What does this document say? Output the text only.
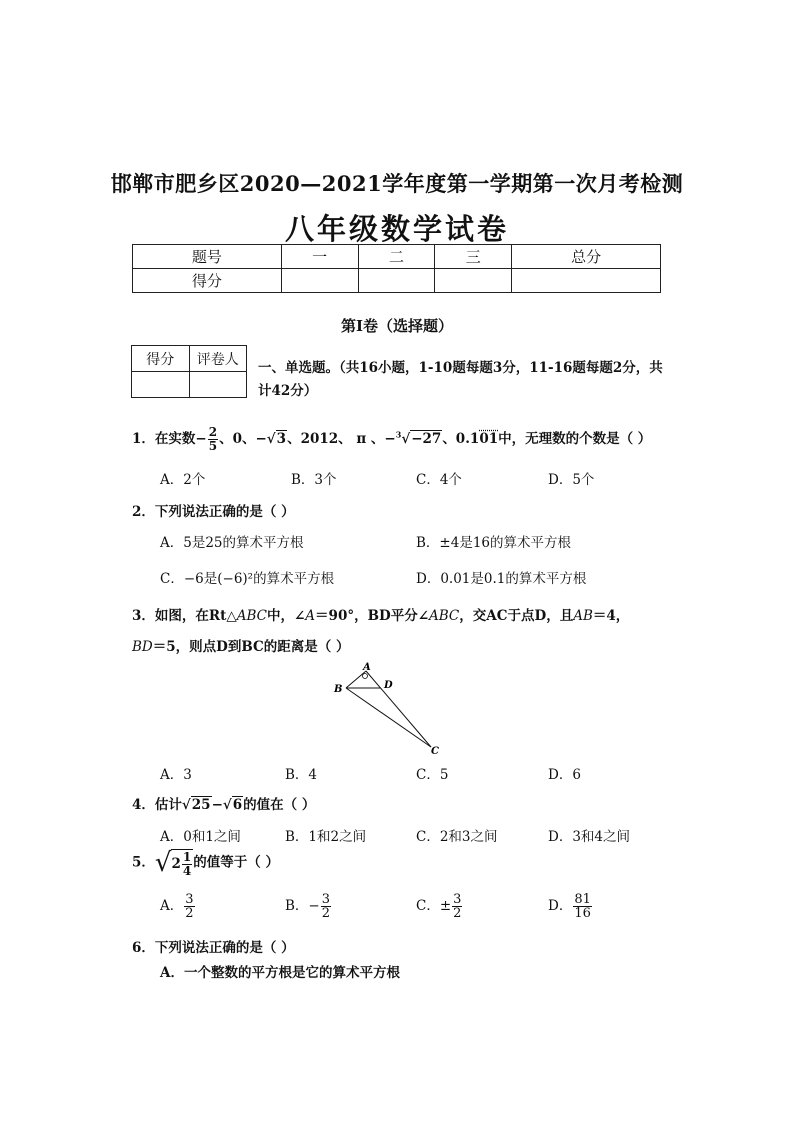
邯郸市肥乡区2020—2021学年度第一学期第一次月考检测
八年级数学试卷
题号	一	二	三	总分
得分				
第Ⅰ卷（选择题）
得分	评卷人

一、单选题。（共16小题，1-10题每题3分，11-16题每题2分，共计42分）
1．在实数− $\frac{2}{5}$ 、0、−√3、2012、 π 、−$^3$√−27、0.101中，无理数的个数是（ ）
A．2个	B．3个	C．4个	D．5个
2．下列说法正确的是（ ）
A．5是25的算术平方根	B．±4是16的算术平方根
C．−6是(−6)²的算术平方根	D．0.01是0.1的算术平方根
3．如图，在Rt△ABC中，∠A＝90°，BD平分∠ABC，交AC于点D，且AB＝4，
BD＝5，则点D到BC的距离是（ ）
A
B
C
D
A．3	B．4	C．5	D．6
4．估计√25−√6的值在（ ）
A．0和1之间	B．1和2之间	C．2和3之间	D．3和4之间
5．$√2 \frac{1}{4}$ 的值等于（ ）
A． $\frac{3}{2}$	B．− $\frac{3}{2}$	C．± $\frac{3}{2}$	D． $\frac{81}{16}$
6．下列说法正确的是（ ）
A．一个整数的平方根是它的算术平方根
